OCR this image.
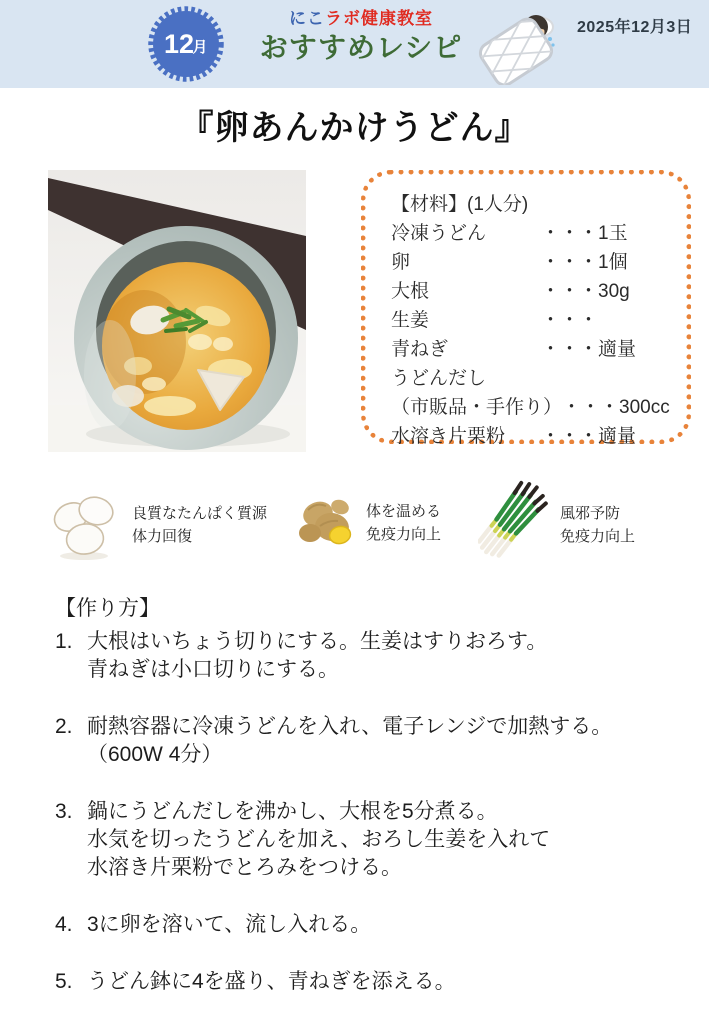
12
月
にこラボ健康教室
おすすめレシピ
2025年12月3日
『卵あんかけうどん』
【材料】(1人分)
冷凍うどん	・・・1玉
卵	・・・1個
大根	・・・30g
生姜	・・・
青ねぎ	・・・適量
うどんだし
（市販品・手作り） ・・・300cc
水溶き片栗粉	・・・適量
良質なたんぱく質源
体力回復
体を温める
免疫力向上
風邪予防
免疫力向上
【作り方】
1. 大根はいちょう切りにする。生姜はすりおろす。
青ねぎは小口切りにする。
2. 耐熱容器に冷凍うどんを入れ、電子レンジで加熱する。
（600W 4分）
3. 鍋にうどんだしを沸かし、大根を5分煮る。
水気を切ったうどんを加え、おろし生姜を入れて
水溶き片栗粉でとろみをつける。
4. 3に卵を溶いて、流し入れる。
5. うどん鉢に4を盛り、青ねぎを添える。
